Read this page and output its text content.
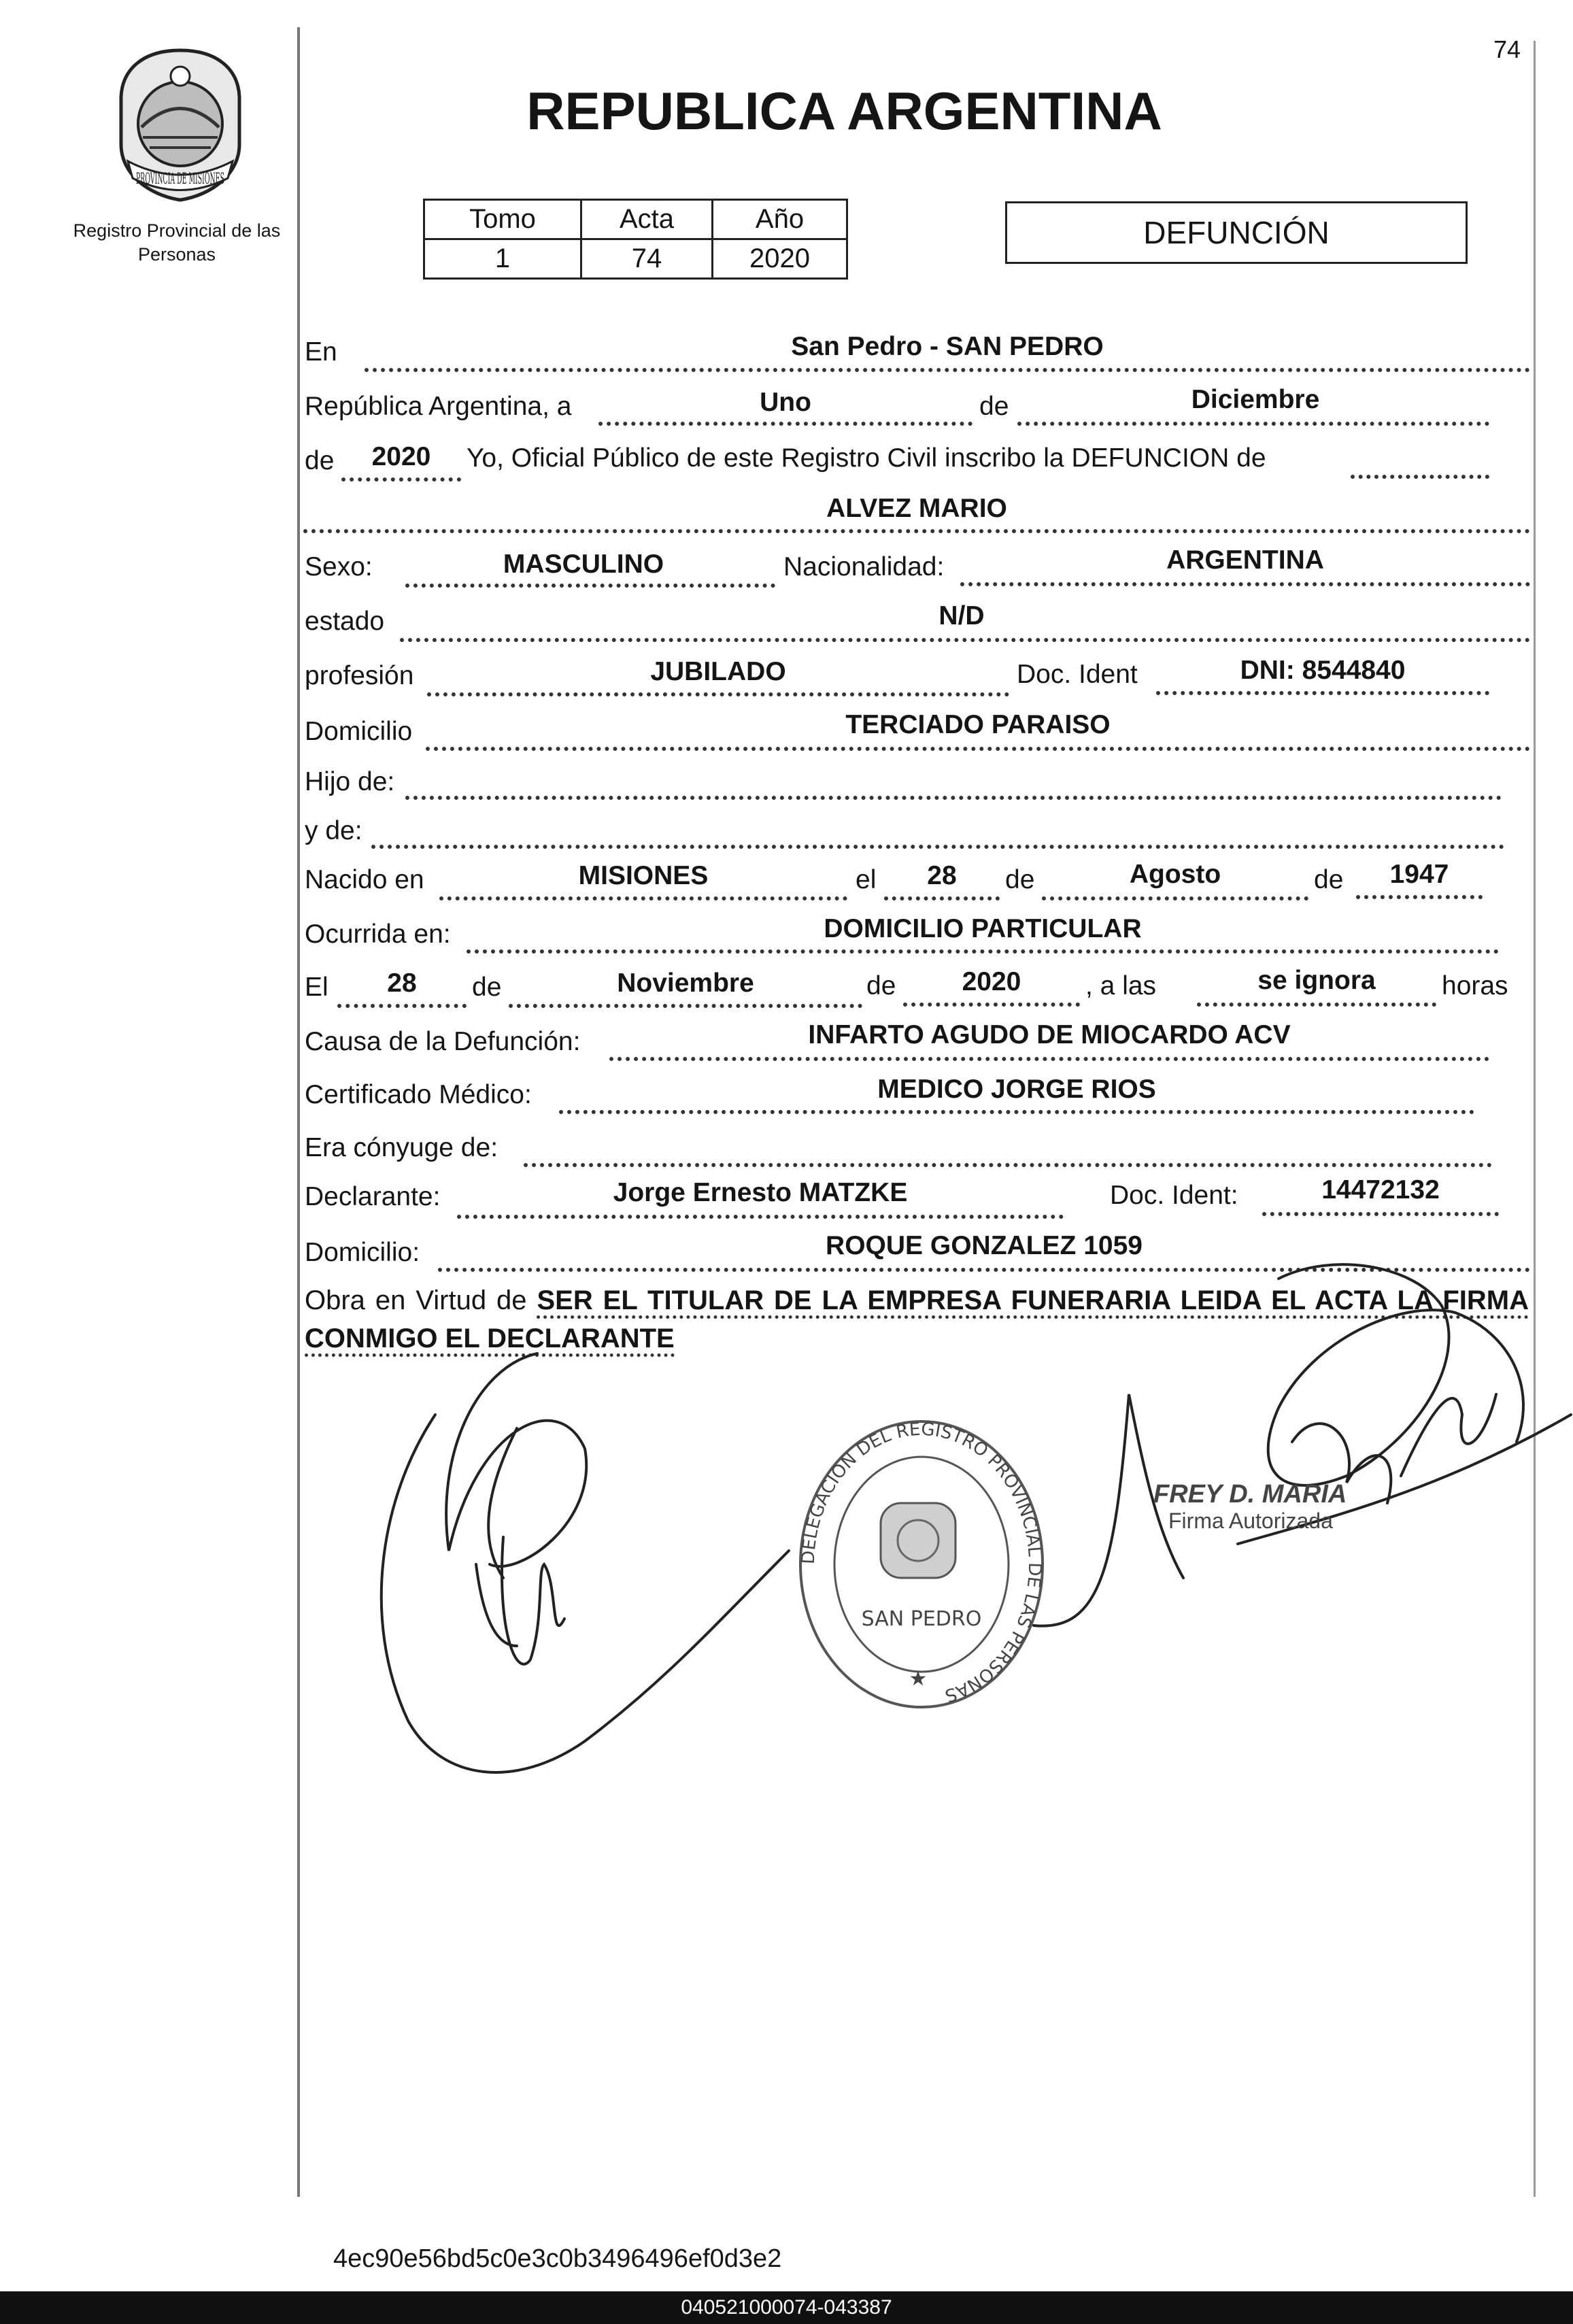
74
PROVINCIA DE MISIONES
Registro Provincial de las Personas
REPUBLICA ARGENTINA
Tomo	Acta	Año
1	74	2020
DEFUNCIÓN
En	San Pedro - SAN PEDRO
República Argentina, a	Uno	de	Diciembre
de	2020	Yo, Oficial Público de este Registro Civil inscribo la DEFUNCION de
ALVEZ MARIO
Sexo:	MASCULINO	Nacionalidad:	ARGENTINA
estado	N/D
profesión	JUBILADO	Doc. Ident	DNI: 8544840
Domicilio	TERCIADO PARAISO
Hijo de:
y de:
Nacido en	MISIONES	el	28	de	Agosto	de	1947
Ocurrida en:	DOMICILIO PARTICULAR
El	28	de	Noviembre	de	2020	, a las	se ignora	horas
Causa de la Defunción:	INFARTO AGUDO DE MIOCARDO ACV
Certificado Médico:	MEDICO JORGE RIOS
Era cónyuge de:
Declarante:	Jorge Ernesto MATZKE	Doc. Ident:	14472132
Domicilio:	ROQUE GONZALEZ 1059
Obra en Virtud de SER EL TITULAR DE LA EMPRESA FUNERARIA LEIDA EL ACTA LA FIRMA CONMIGO EL DECLARANTE
DELEGACION DEL REGISTRO PROVINCIAL DE LAS PERSONAS
SAN PEDRO
★
FREY D. MARIA
Firma Autorizada
4ec90e56bd5c0e3c0b3496496ef0d3e2
040521000074-043387
